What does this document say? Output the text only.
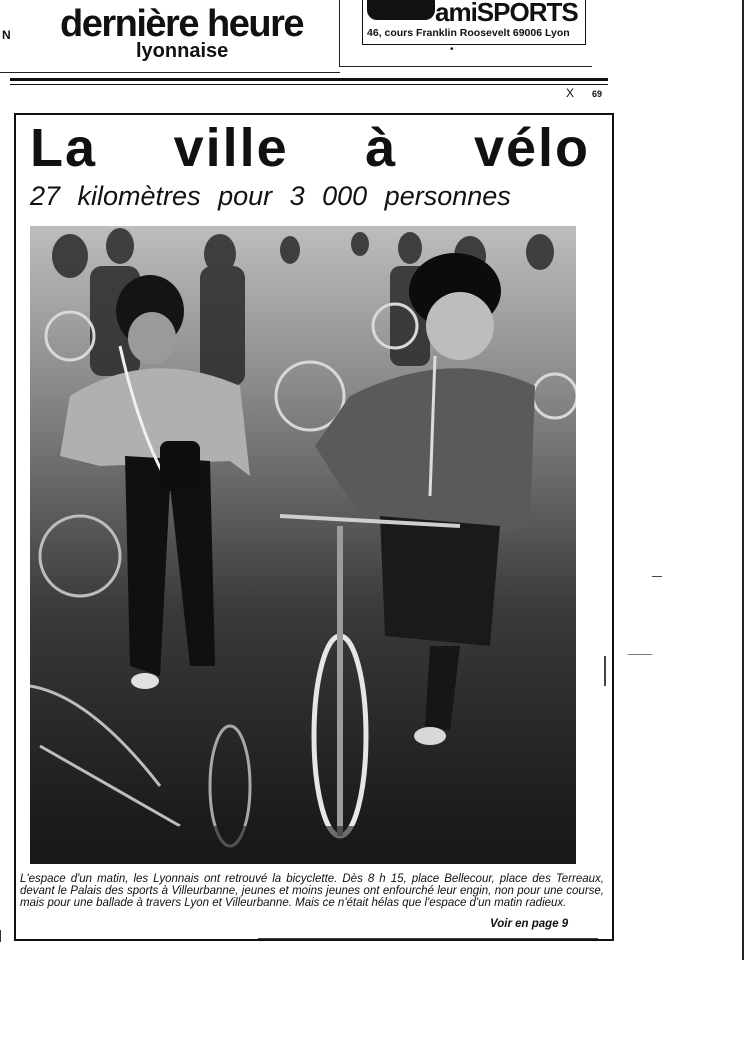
N dernière heure
lyonnaise
amiSPORTS
46, cours Franklin Roosevelt 69006 Lyon
•
X 69
La ville à vélo
27 kilomètres pour 3 000 personnes
L'espace d'un matin, les Lyonnais ont retrouvé la bicyclette. Dès 8 h 15, place Bellecour, place des Terreaux, devant le Palais des sports à Villeurbanne, jeunes et moins jeunes ont enfourché leur engin, non pour une course, mais pour une ballade à travers Lyon et Villeurbanne. Mais ce n'était hélas que l'espace d'un matin radieux.
Voir en page 9
